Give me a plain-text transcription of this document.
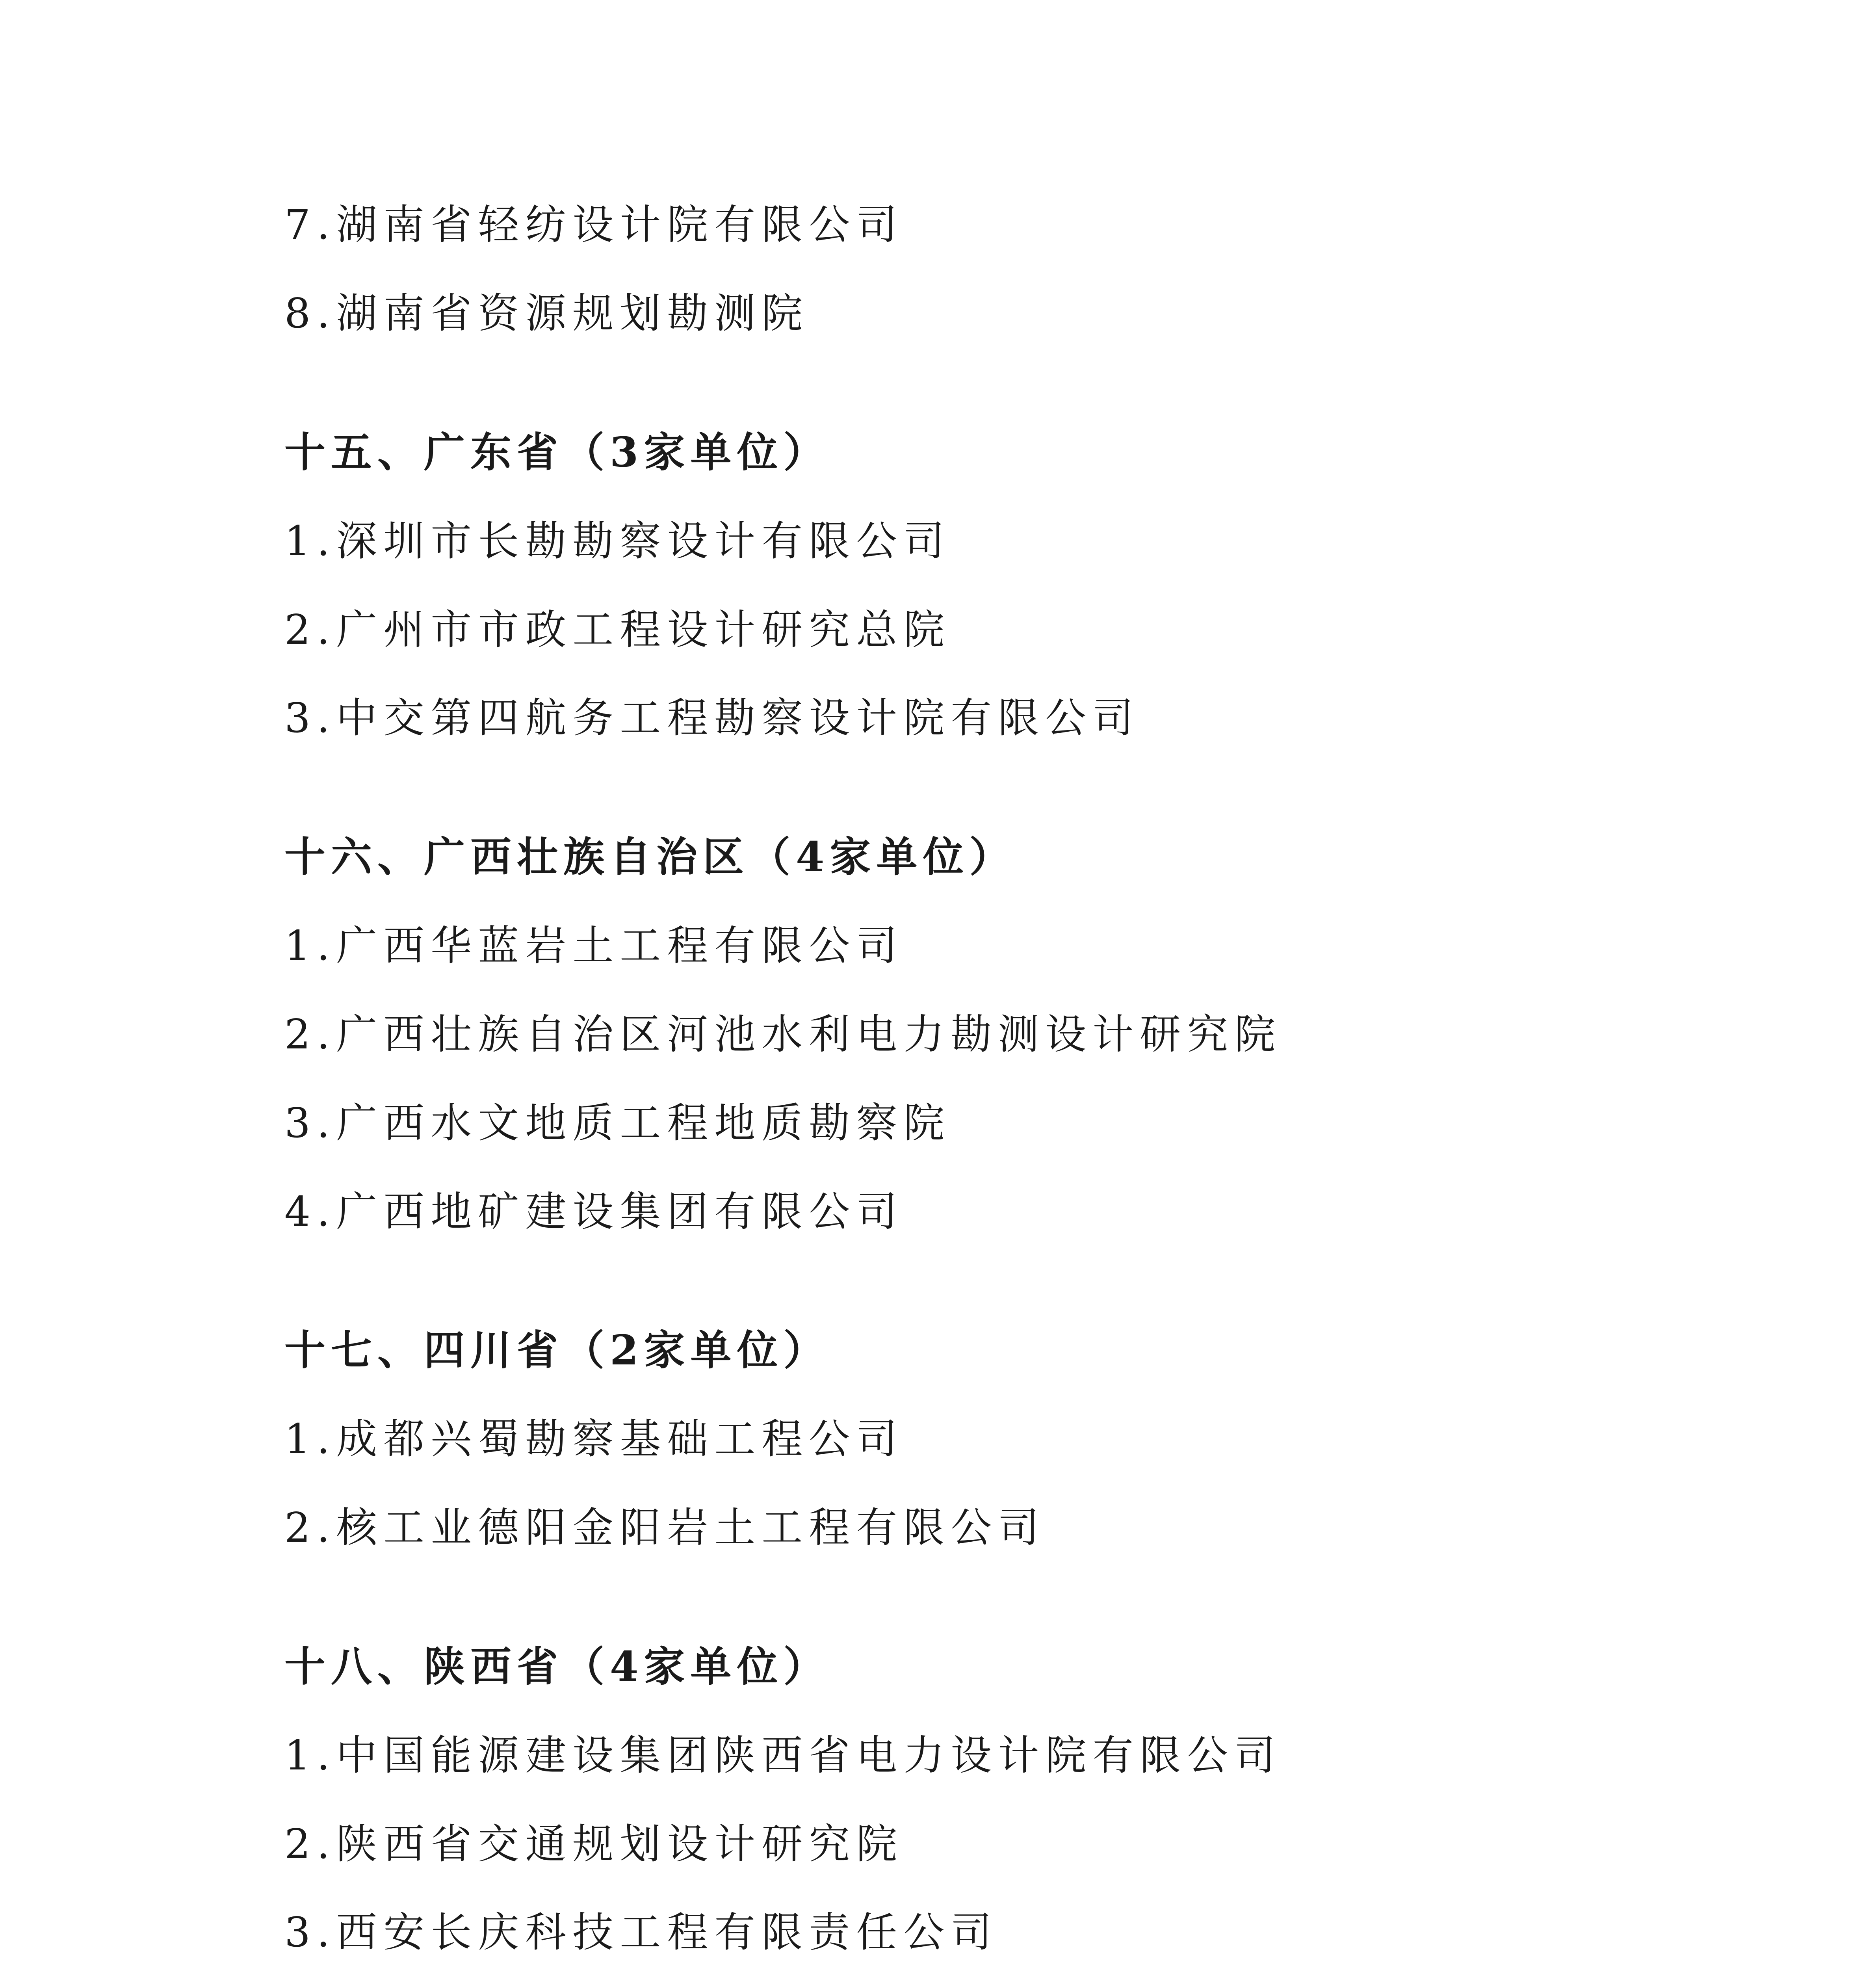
7.湖南省轻纺设计院有限公司
8.湖南省资源规划勘测院
十五、广东省（3家单位）
1.深圳市长勘勘察设计有限公司
2.广州市市政工程设计研究总院
3.中交第四航务工程勘察设计院有限公司
十六、广西壮族自治区（4家单位）
1.广西华蓝岩土工程有限公司
2.广西壮族自治区河池水利电力勘测设计研究院
3.广西水文地质工程地质勘察院
4.广西地矿建设集团有限公司
十七、四川省（2家单位）
1.成都兴蜀勘察基础工程公司
2.核工业德阳金阳岩土工程有限公司
十八、陕西省（4家单位）
1.中国能源建设集团陕西省电力设计院有限公司
2.陕西省交通规划设计研究院
3.西安长庆科技工程有限责任公司
